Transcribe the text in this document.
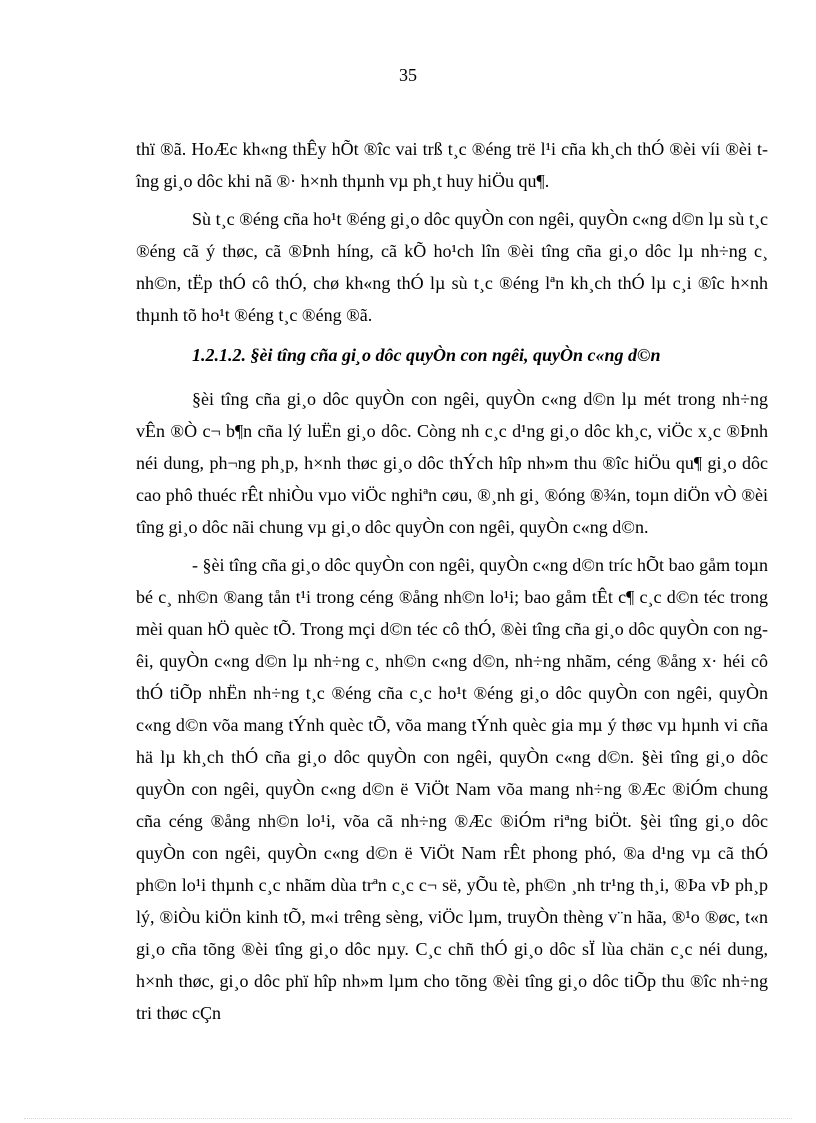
35

thï ®ã. HoÆc kh«ng thÊy hÕt ®îc vai trß t¸c ®éng trë l¹i cña kh¸ch thÓ ®èi víi ®èi tîng gi¸o dôc khi nã ®· h×nh thµnh vµ ph¸t huy hiÖu qu¶.

Sù t¸c ®éng cña ho¹t ®éng gi¸o dôc quyÒn con ngêi, quyÒn c«ng d©n lµ sù t¸c ®éng cã ý thøc, cã ®Þnh híng, cã kÕ ho¹ch lîn ®èi tîng cña gi¸o dôc lµ nh÷ng c¸ nh©n, tËp thÓ cô thÓ, chø kh«ng thÓ lµ sù t¸c ®éng lªn kh¸ch thÓ lµ c¸i ®îc h×nh thµnh tõ ho¹t ®éng t¸c ®éng ®ã.

1.2.1.2. §èi tîng cña gi¸o dôc quyÒn con ngêi, quyÒn c«ng d©n

§èi tîng cña gi¸o dôc quyÒn con ngêi, quyÒn c«ng d©n lµ mét trong nh÷ng vÊn ®Ò c¬ b¶n cña lý luËn gi¸o dôc. Còng nh c¸c d¹ng gi¸o dôc kh¸c, viÖc x¸c ®Þnh néi dung, ph¬ng ph¸p, h×nh thøc gi¸o dôc thÝch hîp nh»m thu ®îc hiÖu qu¶ gi¸o dôc cao phô thuéc rÊt nhiÒu vµo viÖc nghiªn cøu, ®¸nh gi¸ ®óng ®¾n, toµn diÖn vÒ ®èi tîng gi¸o dôc nãi chung vµ gi¸o dôc quyÒn con ngêi, quyÒn c«ng d©n.

- §èi tîng cña gi¸o dôc quyÒn con ngêi, quyÒn c«ng d©n tríc hÕt bao gåm toµn bé c¸ nh©n ®ang tån t¹i trong céng ®ång nh©n lo¹i; bao gåm tÊt c¶ c¸c d©n téc trong mèi quan hÖ quèc tÕ. Trong mçi d©n téc cô thÓ, ®èi tîng cña gi¸o dôc quyÒn con ngêi, quyÒn c«ng d©n lµ nh÷ng c¸ nh©n c«ng d©n, nh÷ng nhãm, céng ®ång x· héi cô thÓ tiÕp nhËn nh÷ng t¸c ®éng cña c¸c ho¹t ®éng gi¸o dôc quyÒn con ngêi, quyÒn c«ng d©n võa mang tÝnh quèc tÕ, võa mang tÝnh quèc gia mµ ý thøc vµ hµnh vi cña hä lµ kh¸ch thÓ cña gi¸o dôc quyÒn con ngêi, quyÒn c«ng d©n. §èi tîng gi¸o dôc quyÒn con ngêi, quyÒn c«ng d©n ë ViÖt Nam võa mang nh÷ng ®Æc ®iÓm chung cña céng ®ång nh©n lo¹i, võa cã nh÷ng ®Æc ®iÓm riªng biÖt. §èi tîng gi¸o dôc quyÒn con ngêi, quyÒn c«ng d©n ë ViÖt Nam rÊt phong phó, ®a d¹ng vµ cã thÓ ph©n lo¹i thµnh c¸c nhãm dùa trªn c¸c c¬ së, yÕu tè, ph©n ¸nh tr¹ng th¸i, ®Þa vÞ ph¸p lý, ®iÒu kiÖn kinh tÕ, m«i trêng sèng, viÖc lµm, truyÒn thèng v¨n hãa, ®¹o ®øc, t«n gi¸o cña tõng ®èi tîng gi¸o dôc nµy. C¸c chñ thÓ gi¸o dôc sÏ lùa chän c¸c néi dung, h×nh thøc, gi¸o dôc phï hîp nh»m lµm cho tõng ®èi tîng gi¸o dôc tiÕp thu ®îc nh÷ng tri thøc cÇn
